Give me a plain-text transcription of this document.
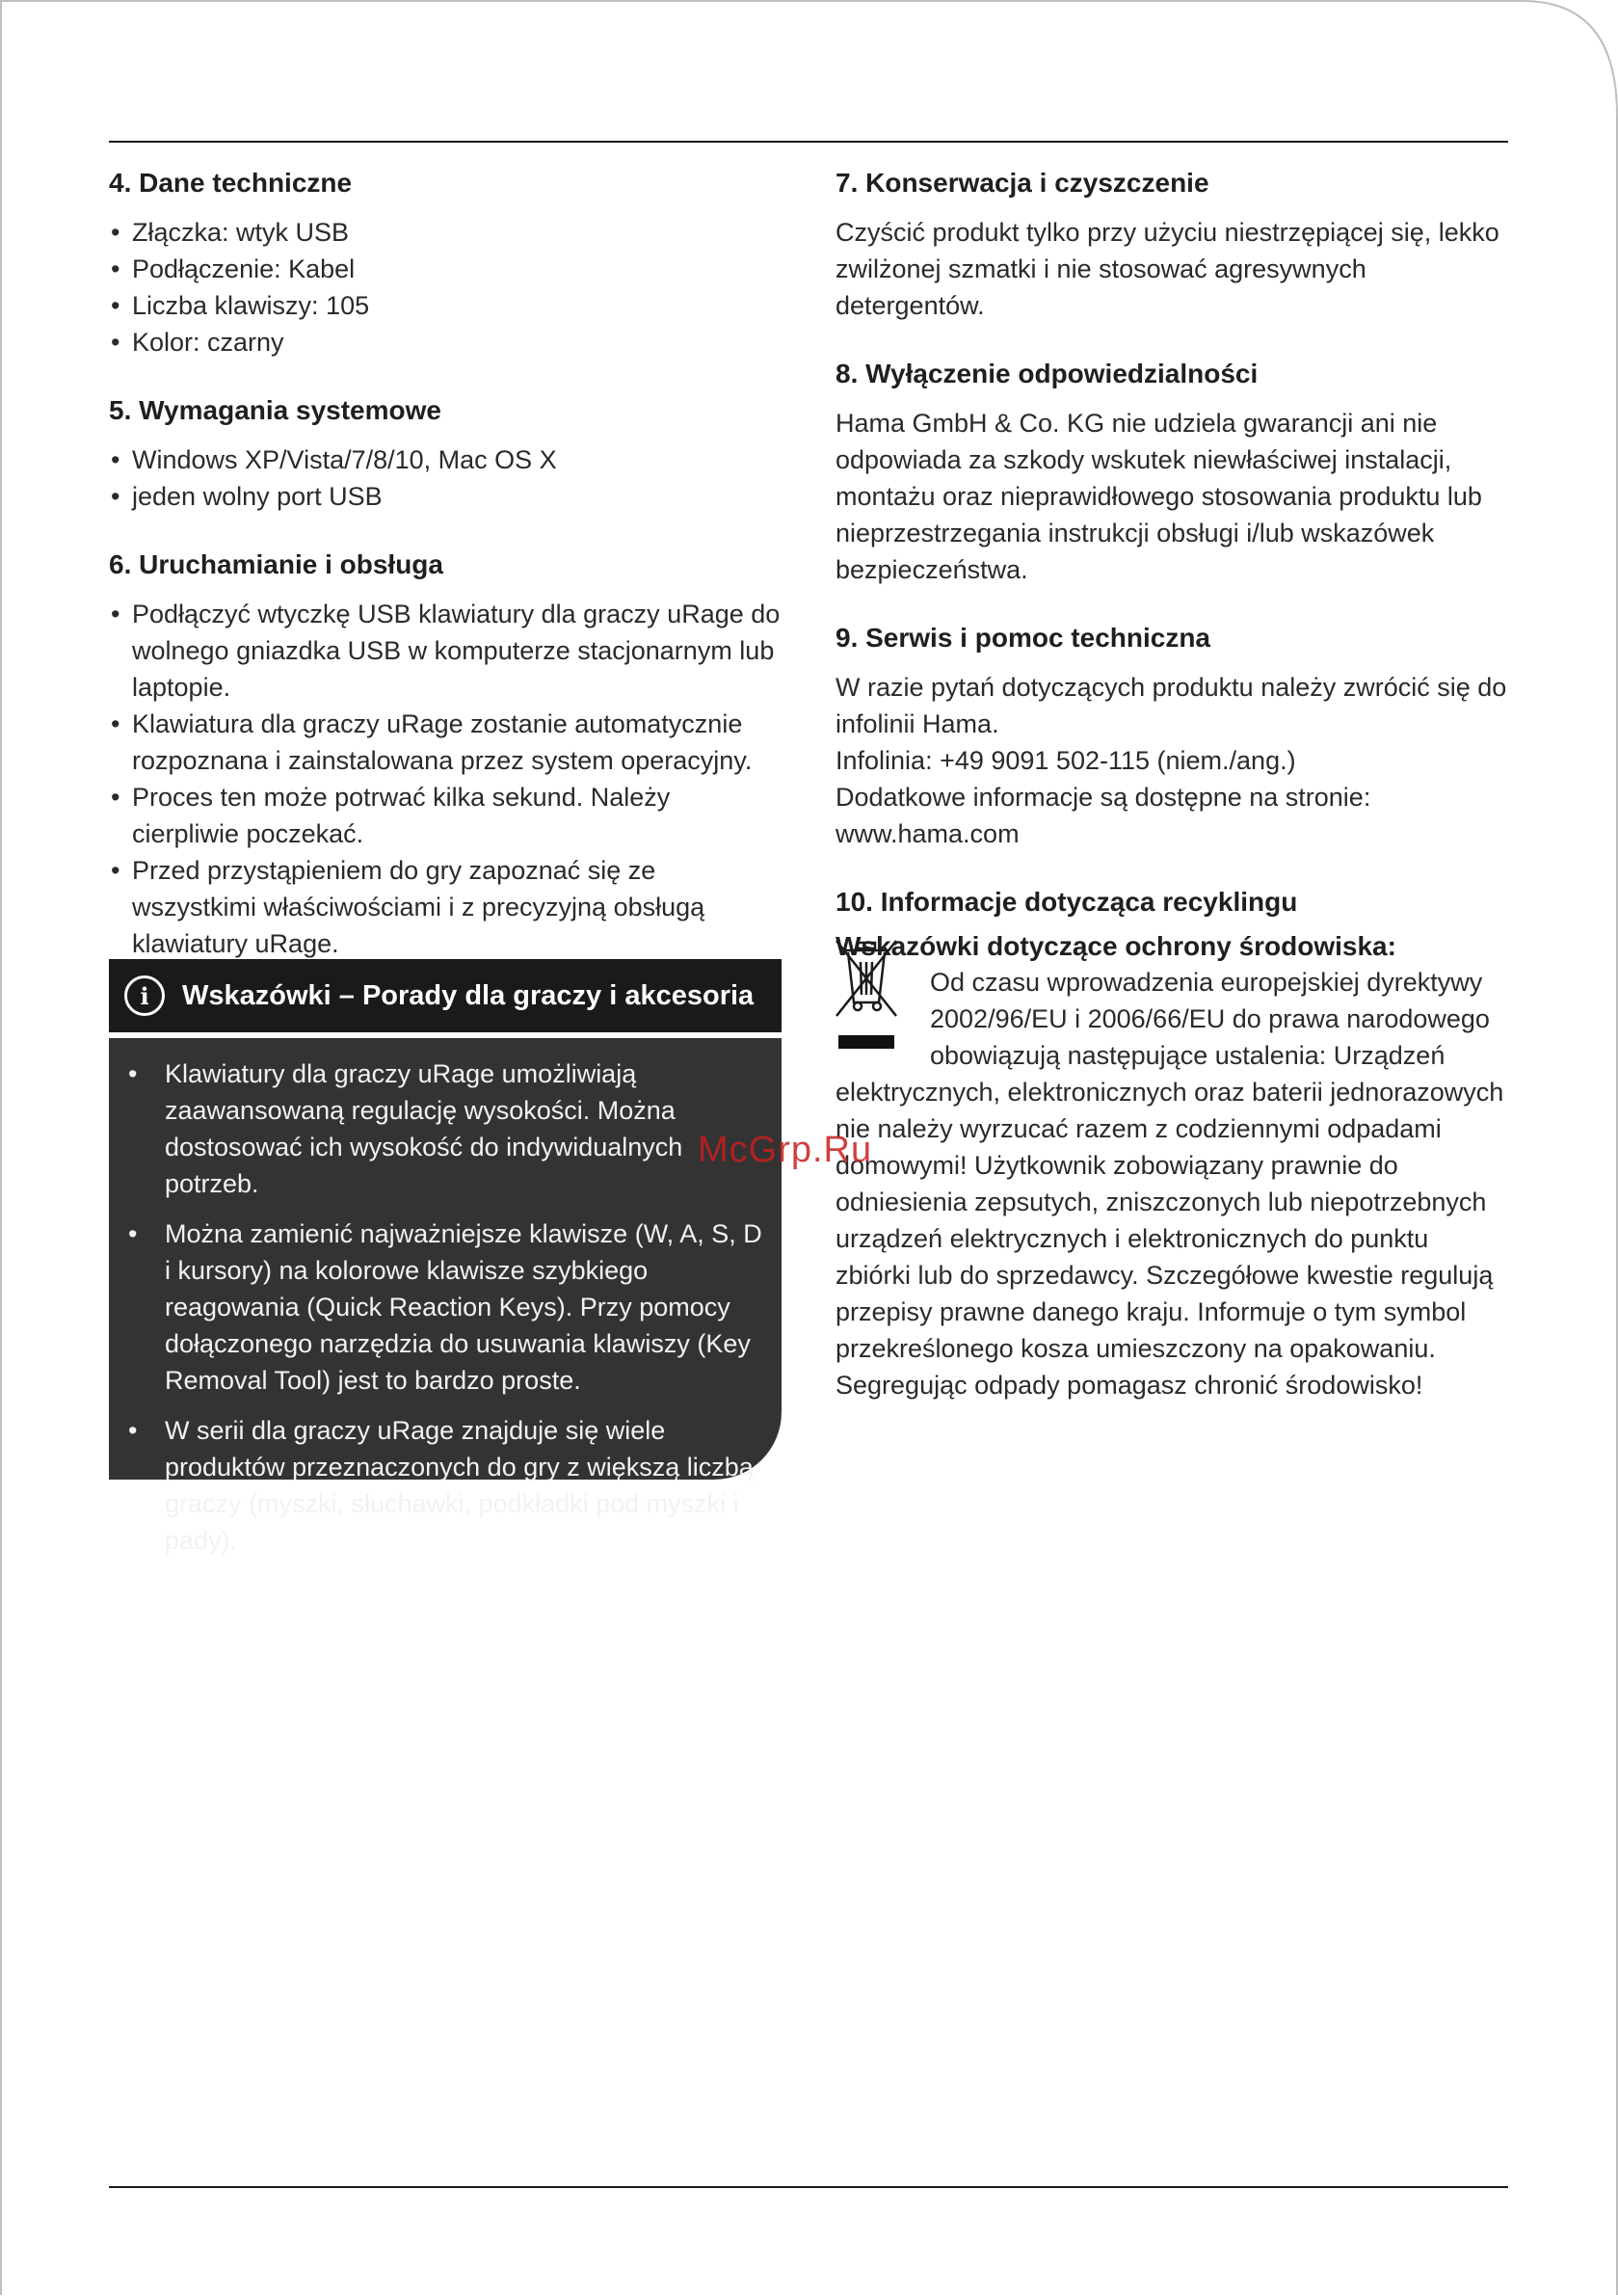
4. Dane techniczne
• Złączka: wtyk USB
• Podłączenie: Kabel
• Liczba klawiszy: 105
• Kolor: czarny
5. Wymagania systemowe
• Windows XP/Vista/7/8/10, Mac OS X
• jeden wolny port USB
6. Uruchamianie i obsługa
• Podłączyć wtyczkę USB klawiatury dla graczy uRage do wolnego gniazdka USB w komputerze stacjonarnym lub laptopie.
• Klawiatura dla graczy uRage zostanie automatycznie rozpoznana i zainstalowana przez system operacyjny.
• Proces ten może potrwać kilka sekund. Należy cierpliwie poczekać.
• Przed przystąpieniem do gry zapoznać się ze wszystkimi właściwościami i z precyzyjną obsługą klawiatury uRage.
i	Wskazówki – Porady dla graczy i akcesoria
• Klawiatury dla graczy uRage umożliwiają zaawansowaną regulację wysokości. Można dostosować ich wysokość do indywidualnych potrzeb.
• Można zamienić najważniejsze klawisze (W, A, S, D i kursory) na kolorowe klawisze szybkiego reagowania (Quick Reaction Keys). Przy pomocy dołączonego narzędzia do usuwania klawiszy (Key Removal Tool) jest to bardzo proste.
• W serii dla graczy uRage znajduje się wiele produktów przeznaczonych do gry z większą liczbą graczy (myszki, słuchawki, podkładki pod myszki i pady).
7. Konserwacja i czyszczenie

Czyścić produkt tylko przy użyciu niestrzępiącej się, lekko zwilżonej szmatki i nie stosować agresywnych detergentów.

8. Wyłączenie odpowiedzialności

Hama GmbH & Co. KG nie udziela gwarancji ani nie odpowiada za szkody wskutek niewłaściwej instalacji, montażu oraz nieprawidłowego stosowania produktu lub nieprzestrzegania instrukcji obsługi i/lub wskazówek bezpieczeństwa.

9. Serwis i pomoc techniczna

W razie pytań dotyczących produktu należy zwrócić się do infolinii Hama.

Infolinia: +49 9091 502-115 (niem./ang.)

Dodatkowe informacje są dostępne na stronie:

www.hama.com

10. Informacje dotycząca recyklingu
Wskazówki dotyczące ochrony środowiska:

Od czasu wprowadzenia europejskiej dyrektywy 2002/96/EU i 2006/66/EU do prawa narodowego obowiązują następujące ustalenia: Urządzeń elektrycznych, elektronicznych oraz baterii jednorazowych nie należy wyrzucać razem z codziennymi odpadami domowymi! Użytkownik zobowiązany prawnie do odniesienia zepsutych, zniszczonych lub niepotrzebnych urządzeń elektrycznych i elektronicznych do punktu zbiórki lub do sprzedawcy. Szczegółowe kwestie regulują przepisy prawne danego kraju. Informuje o tym symbol przekreślonego kosza umieszczony na opakowaniu. Segregując odpady pomagasz chronić środowisko!

McGrp.Ru
